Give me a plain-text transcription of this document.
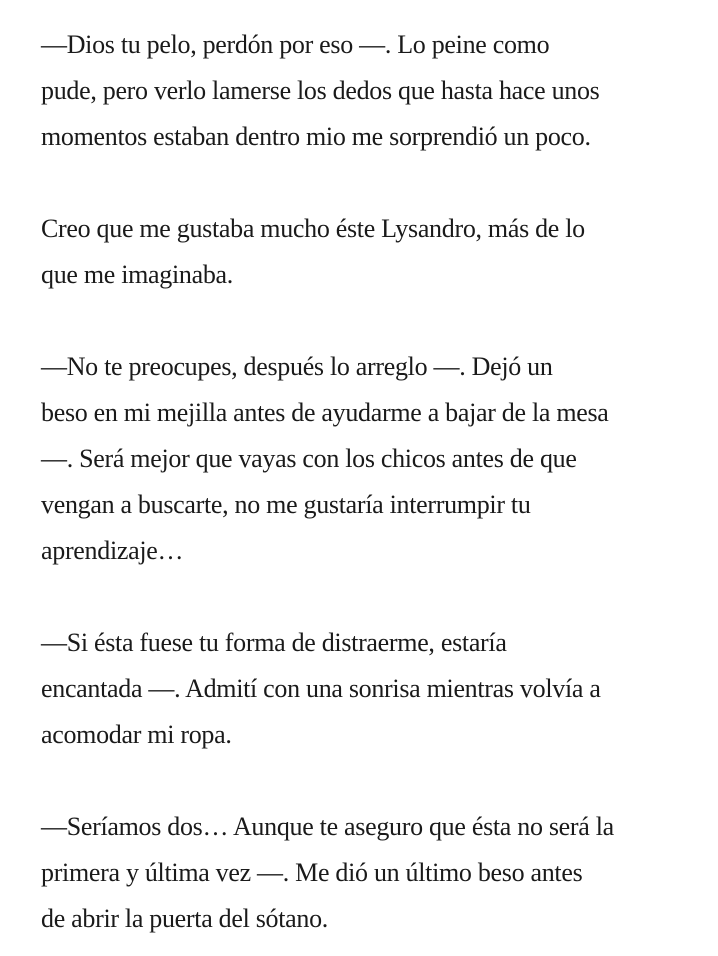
—Dios tu pelo, perdón por eso —. Lo peine como
pude, pero verlo lamerse los dedos que hasta hace unos
momentos estaban dentro mio me sorprendió un poco.

Creo que me gustaba mucho éste Lysandro, más de lo
que me imaginaba.

—No te preocupes, después lo arreglo —. Dejó un
beso en mi mejilla antes de ayudarme a bajar de la mesa
—. Será mejor que vayas con los chicos antes de que
vengan a buscarte, no me gustaría interrumpir tu
aprendizaje…

—Si ésta fuese tu forma de distraerme, estaría
encantada —. Admití con una sonrisa mientras volvía a
acomodar mi ropa.

—Seríamos dos… Aunque te aseguro que ésta no será la
primera y última vez —. Me dió un último beso antes
de abrir la puerta del sótano.
